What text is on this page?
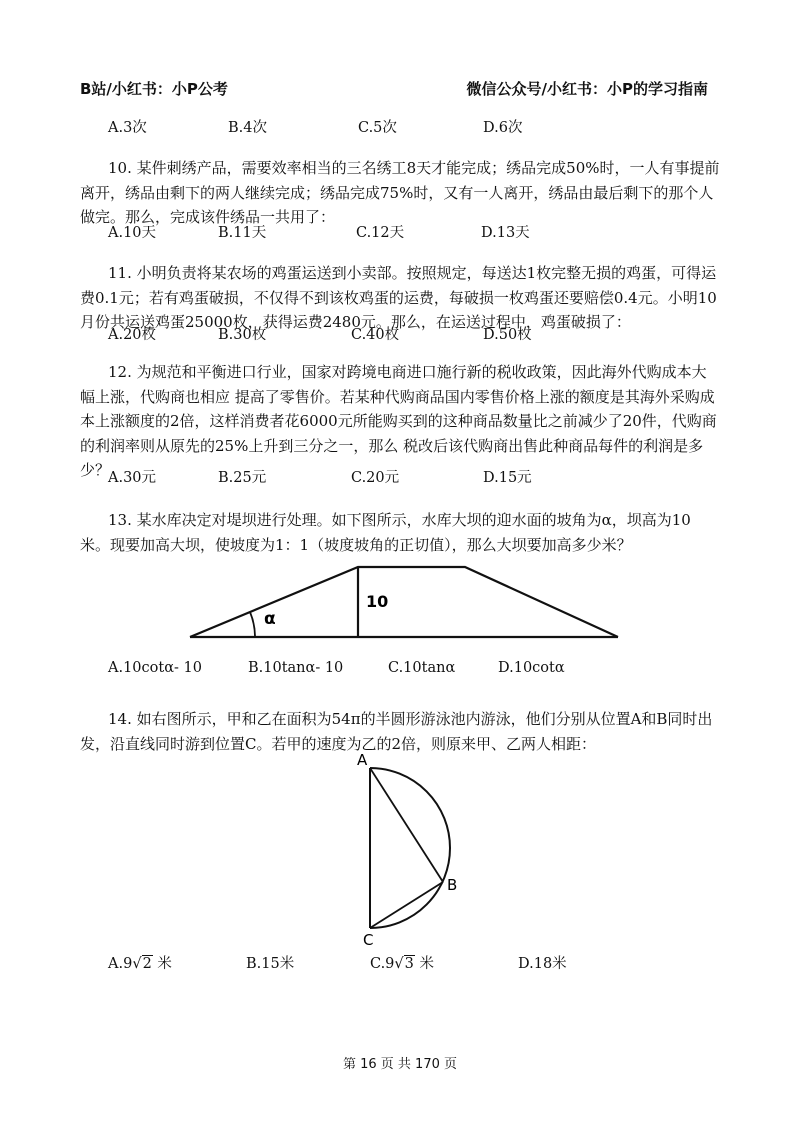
B站/小红书：小P公考	微信公众号/小红书：小P的学习指南
A.3次	B.4次	C.5次	D.6次

10. 某件刺绣产品，需要效率相当的三名绣工8天才能完成；绣品完成50%时，一人有事提前离开，绣品由剩下的两人继续完成；绣品完成75%时，又有一人离开，绣品由最后剩下的那个人做完。那么，完成该件绣品一共用了：

A.10天	B.11天	C.12天	D.13天

11. 小明负责将某农场的鸡蛋运送到小卖部。按照规定，每送达1枚完整无损的鸡蛋，可得运费0.1元；若有鸡蛋破损，不仅得不到该枚鸡蛋的运费，每破损一枚鸡蛋还要赔偿0.4元。小明10月份共运送鸡蛋25000枚，获得运费2480元。那么，在运送过程中，鸡蛋破损了：

A.20枚	B.30枚	C.40枚	D.50枚

12. 为规范和平衡进口行业，国家对跨境电商进口施行新的税收政策，因此海外代购成本大幅上涨，代购商也相应 提高了零售价。若某种代购商品国内零售价格上涨的额度是其海外采购成本上涨额度的2倍，这样消费者花6000元所能购买到的这种商品数量比之前减少了20件，代购商的利润率则从原先的25%上升到三分之一，那么 税改后该代购商出售此种商品每件的利润是多少？

A.30元	B.25元	C.20元	D.15元

13. 某水库决定对堤坝进行处理。如下图所示，水库大坝的迎水面的坡角为α，坝高为10米。现要加高大坝，使坡度为1：1（坡度坡角的正切值），那么大坝要加高多少米？

α
10
A.10cotα- 10	B.10tanα- 10	C.10tanα	D.10cotα

14. 如右图所示，甲和乙在面积为54π的半圆形游泳池内游泳，他们分别从位置A和B同时出发，沿直线同时游到位置C。若甲的速度为乙的2倍，则原来甲、乙两人相距：

A
B
C
A.9√2 米	B.15米	C.9√3 米	D.18米
第 16 页 共 170 页
